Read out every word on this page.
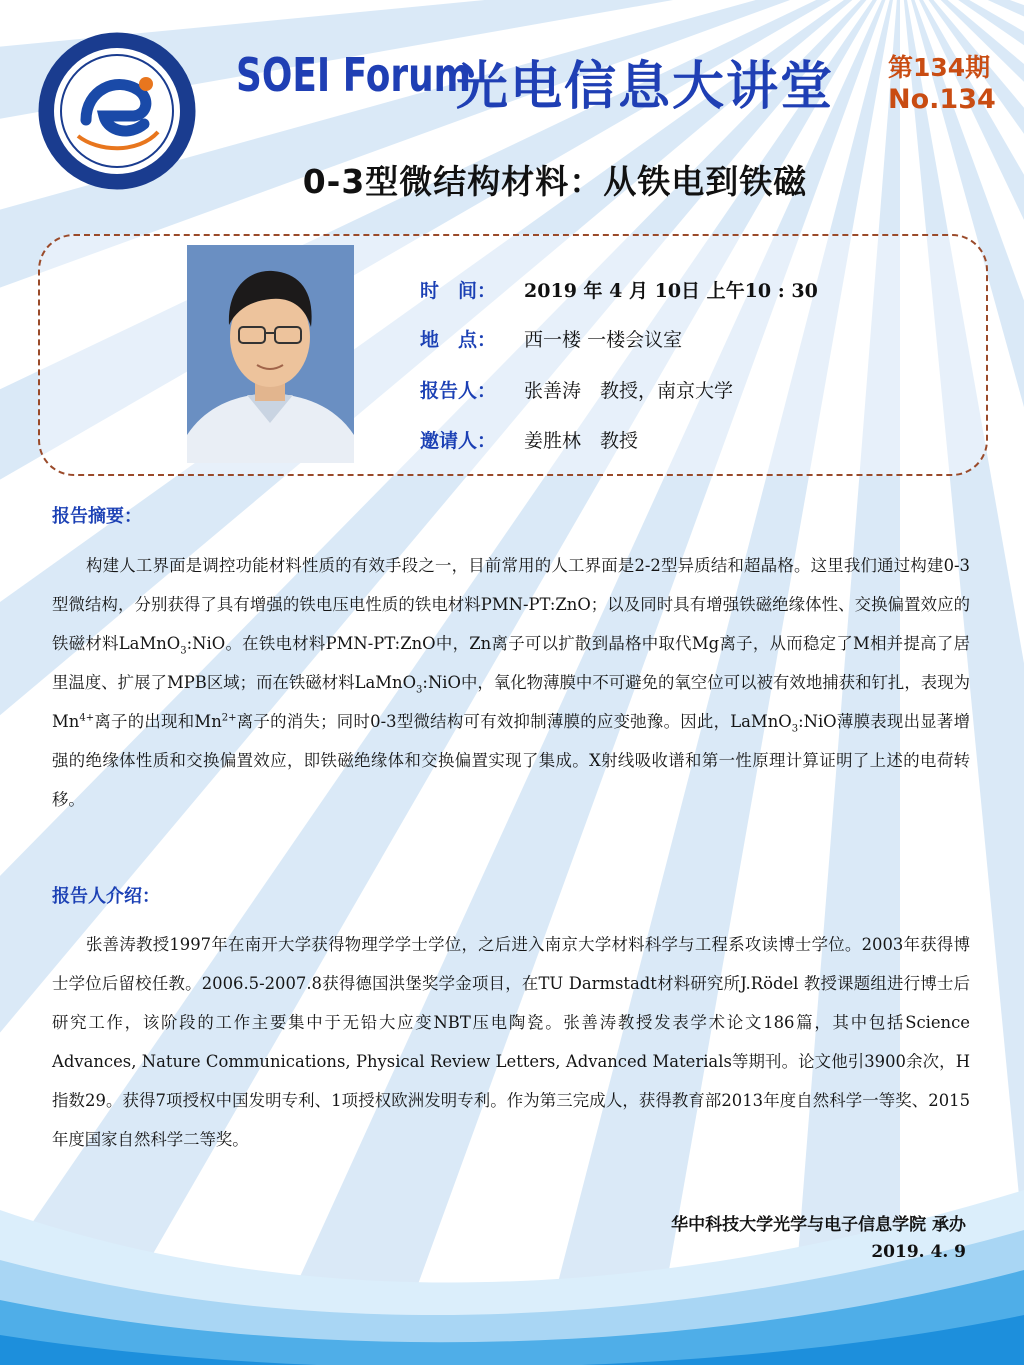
SOEI Forum
光电信息大讲堂 第134期
No.134
0-3型微结构材料：从铁电到铁磁
时　间： 2019 年 4 月 10日 上午10 : 30
地　点： 西一楼 一楼会议室
报告人： 张善涛　教授，南京大学
邀请人： 姜胜林　教授
报告摘要：
构建人工界面是调控功能材料性质的有效手段之一，目前常用的人工界面是2-2型异质结和超晶格。这里我们通过构建0-3型微结构，分别获得了具有增强的铁电压电性质的铁电材料PMN-PT:ZnO；以及同时具有增强铁磁绝缘体性、交换偏置效应的铁磁材料LaMnO$_3$:NiO。在铁电材料PMN-PT:ZnO中，Zn离子可以扩散到晶格中取代Mg离子，从而稳定了M相并提高了居里温度、扩展了MPB区域；而在铁磁材料LaMnO$_3$:NiO中，氧化物薄膜中不可避免的氧空位可以被有效地捕获和钉扎，表现为$Mn^{4+}$离子的出现和$Mn^{2+}$离子的消失；同时0-3型微结构可有效抑制薄膜的应变弛豫。因此，LaMnO$_3$:NiO薄膜表现出显著增强的绝缘体性质和交换偏置效应，即铁磁绝缘体和交换偏置实现了集成。X射线吸收谱和第一性原理计算证明了上述的电荷转移。
报告人介绍：
张善涛教授1997年在南开大学获得物理学学士学位，之后进入南京大学材料科学与工程系攻读博士学位。2003年获得博士学位后留校任教。2006.5-2007.8获得德国洪堡奖学金项目，在TU Darmstadt材料研究所J.Rödel 教授课题组进行博士后研究工作，该阶段的工作主要集中于无铅大应变NBT压电陶瓷。张善涛教授发表学术论文186篇，其中包括Science Advances, Nature Communications, Physical Review Letters, Advanced Materials等期刊。论文他引3900余次，H指数29。获得7项授权中国发明专利、1项授权欧洲发明专利。作为第三完成人，获得教育部2013年度自然科学一等奖、2015年度国家自然科学二等奖。
华中科技大学光学与电子信息学院 承办
2019. 4. 9
